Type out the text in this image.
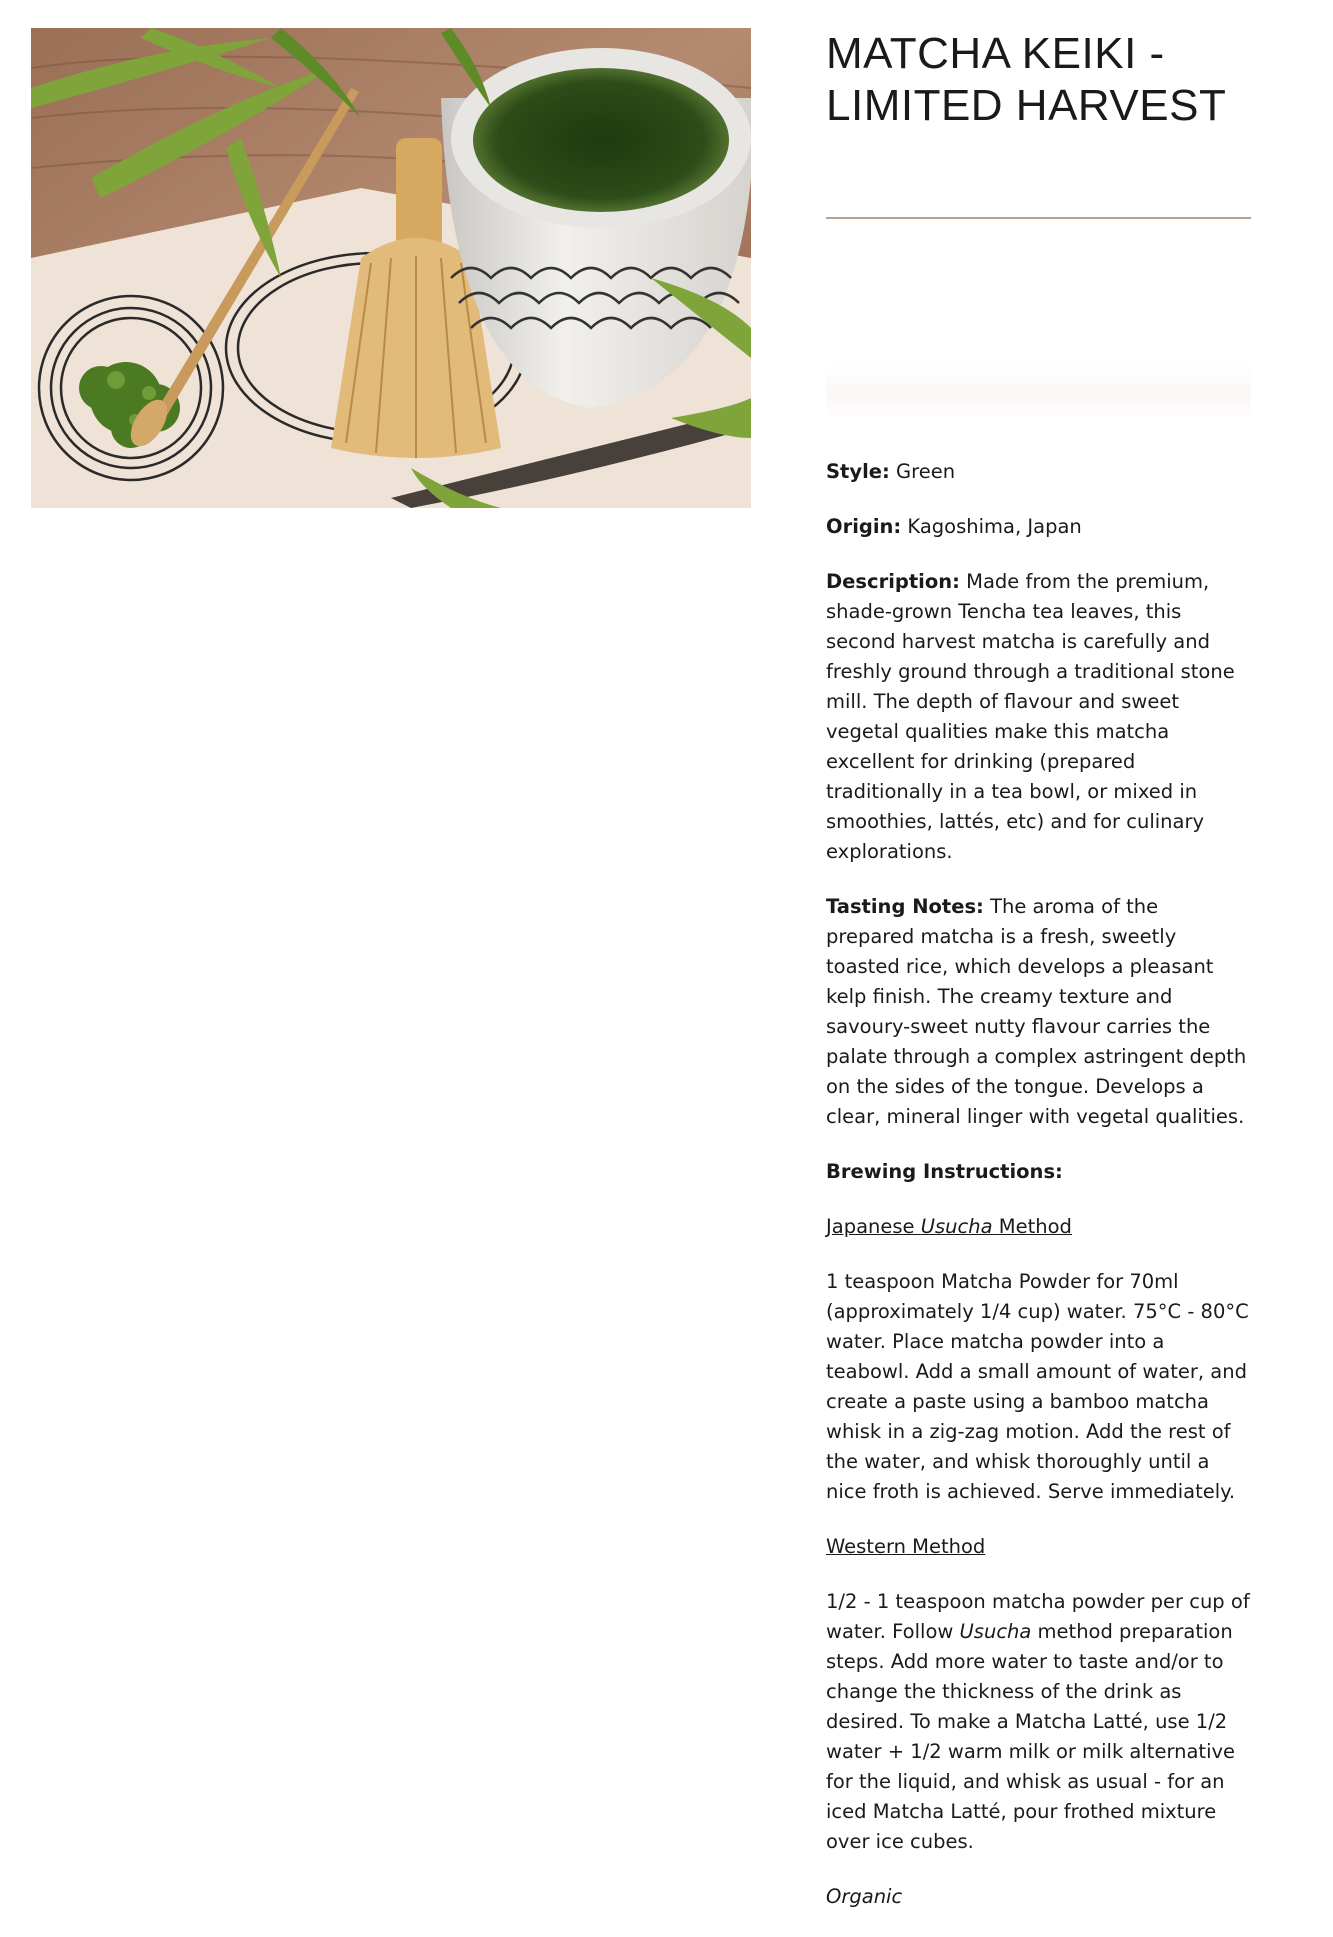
MATCHA KEIKI -
LIMITED HARVEST

Style: Green

Origin: Kagoshima, Japan

Description: Made from the premium, shade-grown Tencha tea leaves, this second harvest matcha is carefully and freshly ground through a traditional stone mill. The depth of flavour and sweet vegetal qualities make this matcha excellent for drinking (prepared traditionally in a tea bowl, or mixed in smoothies, lattés, etc) and for culinary explorations.

Tasting Notes: The aroma of the prepared matcha is a fresh, sweetly toasted rice, which develops a pleasant kelp finish. The creamy texture and savoury-sweet nutty flavour carries the palate through a complex astringent depth on the sides of the tongue. Develops a clear, mineral linger with vegetal qualities.

Brewing Instructions:

Japanese Usucha Method

1 teaspoon Matcha Powder for 70ml (approximately 1/4 cup) water. 75°C - 80°C water. Place matcha powder into a teabowl. Add a small amount of water, and create a paste using a bamboo matcha whisk in a zig-zag motion. Add the rest of the water, and whisk thoroughly until a nice froth is achieved. Serve immediately.

Western Method

1/2 - 1 teaspoon matcha powder per cup of water. Follow Usucha method preparation steps. Add more water to taste and/or to change the thickness of the drink as desired. To make a Matcha Latté, use 1/2 water + 1/2 warm milk or milk alternative for the liquid, and whisk as usual - for an iced Matcha Latté, pour frothed mixture over ice cubes.

Organic
